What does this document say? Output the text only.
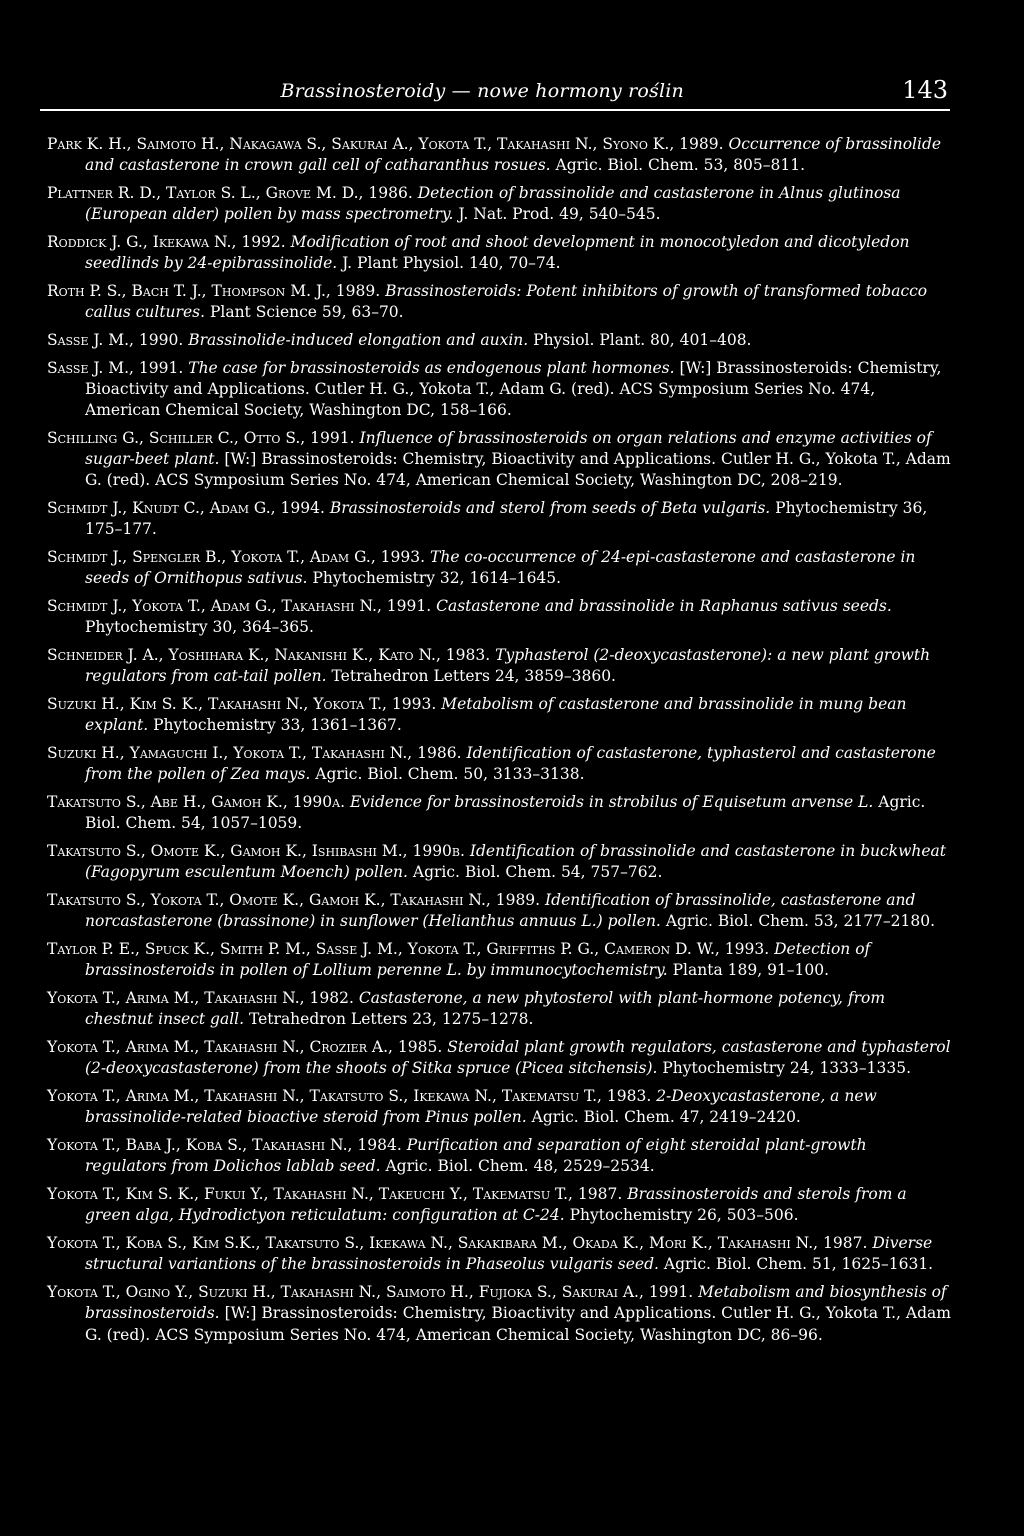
Brassinosteroidy — nowe hormony roślin	143
Park K. H., Saimoto H., Nakagawa S., Sakurai A., Yokota T., Takahashi N., Syono K., 1989. Occurrence of brassinolide and castasterone in crown gall cell of catharanthus rosues. Agric. Biol. Chem. 53, 805–811.
Plattner R. D., Taylor S. L., Grove M. D., 1986. Detection of brassinolide and castasterone in Alnus glutinosa (European alder) pollen by mass spectrometry. J. Nat. Prod. 49, 540–545.
Roddick J. G., Ikekawa N., 1992. Modification of root and shoot development in monocotyledon and dicotyledon seedlinds by 24-epibrassinolide. J. Plant Physiol. 140, 70–74.
Roth P. S., Bach T. J., Thompson M. J., 1989. Brassinosteroids: Potent inhibitors of growth of transformed tobacco callus cultures. Plant Science 59, 63–70.
Sasse J. M., 1990. Brassinolide-induced elongation and auxin. Physiol. Plant. 80, 401–408.
Sasse J. M., 1991. The case for brassinosteroids as endogenous plant hormones. [W:] Brassinosteroids: Chemistry, Bioactivity and Applications. Cutler H. G., Yokota T., Adam G. (red). ACS Symposium Series No. 474, American Chemical Society, Washington DC, 158–166.
Schilling G., Schiller C., Otto S., 1991. Influence of brassinosteroids on organ relations and enzyme activities of sugar-beet plant. [W:] Brassinosteroids: Chemistry, Bioactivity and Applications. Cutler H. G., Yokota T., Adam G. (red). ACS Symposium Series No. 474, American Chemical Society, Washington DC, 208–219.
Schmidt J., Knudt C., Adam G., 1994. Brassinosteroids and sterol from seeds of Beta vulgaris. Phytochemistry 36, 175–177.
Schmidt J., Spengler B., Yokota T., Adam G., 1993. The co-occurrence of 24-epi-castasterone and castasterone in seeds of Ornithopus sativus. Phytochemistry 32, 1614–1645.
Schmidt J., Yokota T., Adam G., Takahashi N., 1991. Castasterone and brassinolide in Raphanus sativus seeds. Phytochemistry 30, 364–365.
Schneider J. A., Yoshihara K., Nakanishi K., Kato N., 1983. Typhasterol (2-deoxycastasterone): a new plant growth regulators from cat-tail pollen. Tetrahedron Letters 24, 3859–3860.
Suzuki H., Kim S. K., Takahashi N., Yokota T., 1993. Metabolism of castasterone and brassinolide in mung bean explant. Phytochemistry 33, 1361–1367.
Suzuki H., Yamaguchi I., Yokota T., Takahashi N., 1986. Identification of castasterone, typhasterol and castasterone from the pollen of Zea mays. Agric. Biol. Chem. 50, 3133–3138.
Takatsuto S., Abe H., Gamoh K., 1990a. Evidence for brassinosteroids in strobilus of Equisetum arvense L. Agric. Biol. Chem. 54, 1057–1059.
Takatsuto S., Omote K., Gamoh K., Ishibashi M., 1990b. Identification of brassinolide and castasterone in buckwheat (Fagopyrum esculentum Moench) pollen. Agric. Biol. Chem. 54, 757–762.
Takatsuto S., Yokota T., Omote K., Gamoh K., Takahashi N., 1989. Identification of brassinolide, castasterone and norcastasterone (brassinone) in sunflower (Helianthus annuus L.) pollen. Agric. Biol. Chem. 53, 2177–2180.
Taylor P. E., Spuck K., Smith P. M., Sasse J. M., Yokota T., Griffiths P. G., Cameron D. W., 1993. Detection of brassinosteroids in pollen of Lollium perenne L. by immunocytochemistry. Planta 189, 91–100.
Yokota T., Arima M., Takahashi N., 1982. Castasterone, a new phytosterol with plant-hormone potency, from chestnut insect gall. Tetrahedron Letters 23, 1275–1278.
Yokota T., Arima M., Takahashi N., Crozier A., 1985. Steroidal plant growth regulators, castasterone and typhasterol (2-deoxycastasterone) from the shoots of Sitka spruce (Picea sitchensis). Phytochemistry 24, 1333–1335.
Yokota T., Arima M., Takahashi N., Takatsuto S., Ikekawa N., Takematsu T., 1983. 2-Deoxycastasterone, a new brassinolide-related bioactive steroid from Pinus pollen. Agric. Biol. Chem. 47, 2419–2420.
Yokota T., Baba J., Koba S., Takahashi N., 1984. Purification and separation of eight steroidal plant-growth regulators from Dolichos lablab seed. Agric. Biol. Chem. 48, 2529–2534.
Yokota T., Kim S. K., Fukui Y., Takahashi N., Takeuchi Y., Takematsu T., 1987. Brassinosteroids and sterols from a green alga, Hydrodictyon reticulatum: configuration at C-24. Phytochemistry 26, 503–506.
Yokota T., Koba S., Kim S.K., Takatsuto S., Ikekawa N., Sakakibara M., Okada K., Mori K., Takahashi N., 1987. Diverse structural variantions of the brassinosteroids in Phaseolus vulgaris seed. Agric. Biol. Chem. 51, 1625–1631.
Yokota T., Ogino Y., Suzuki H., Takahashi N., Saimoto H., Fujioka S., Sakurai A., 1991. Metabolism and biosynthesis of brassinosteroids. [W:] Brassinosteroids: Chemistry, Bioactivity and Applications. Cutler H. G., Yokota T., Adam G. (red). ACS Symposium Series No. 474, American Chemical Society, Washington DC, 86–96.
